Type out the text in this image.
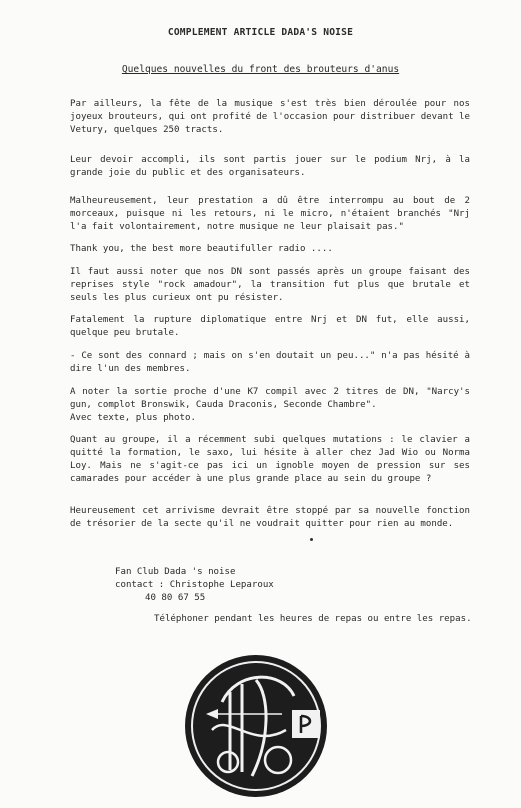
COMPLEMENT ARTICLE DADA'S NOISE
Quelques nouvelles du front des brouteurs d'anus
Par ailleurs, la fête de la musique s'est très bien déroulée pour nos joyeux brouteurs, qui ont profité de l'occasion pour distribuer devant le Vetury, quelques 250 tracts.
Leur devoir accompli, ils sont partis jouer sur le podium Nrj, à la grande joie du public et des organisateurs.
Malheureusement, leur prestation a dû être interrompu au bout de 2 morceaux, puisque ni les retours, ni le micro, n'étaient branchés "Nrj l'a fait volontairement, notre musique ne leur plaisait pas."
Thank you, the best more beautifuller radio ....
Il faut aussi noter que nos DN sont passés après un groupe faisant des reprises style "rock amadour", la transition fut plus que brutale et seuls les plus curieux ont pu résister.
Fatalement la rupture diplomatique entre Nrj et DN fut, elle aussi, quelque peu brutale.
- Ce sont des connard ; mais on s'en doutait un peu..." n'a pas hésité à dire l'un des membres.
A noter la sortie proche d'une K7 compil avec 2 titres de DN, "Narcy's gun, complot Bronswik, Cauda Draconis, Seconde Chambre".
Avec texte, plus photo.
Quant au groupe, il a récemment subi quelques mutations : le clavier a quitté la formation, le saxo, lui hésite à aller chez Jad Wio ou Norma Loy. Mais ne s'agit-ce pas ici un ignoble moyen de pression sur ses camarades pour accéder à une plus grande place au sein du groupe ?
Heureusement cet arrivisme devrait être stoppé par sa nouvelle fonction de trésorier de la secte qu'il ne voudrait quitter pour rien au monde.
Fan Club Dada 's noise
contact : Christophe Leparoux
40 80 67 55
Téléphoner pendant les heures de repas ou entre les repas.
